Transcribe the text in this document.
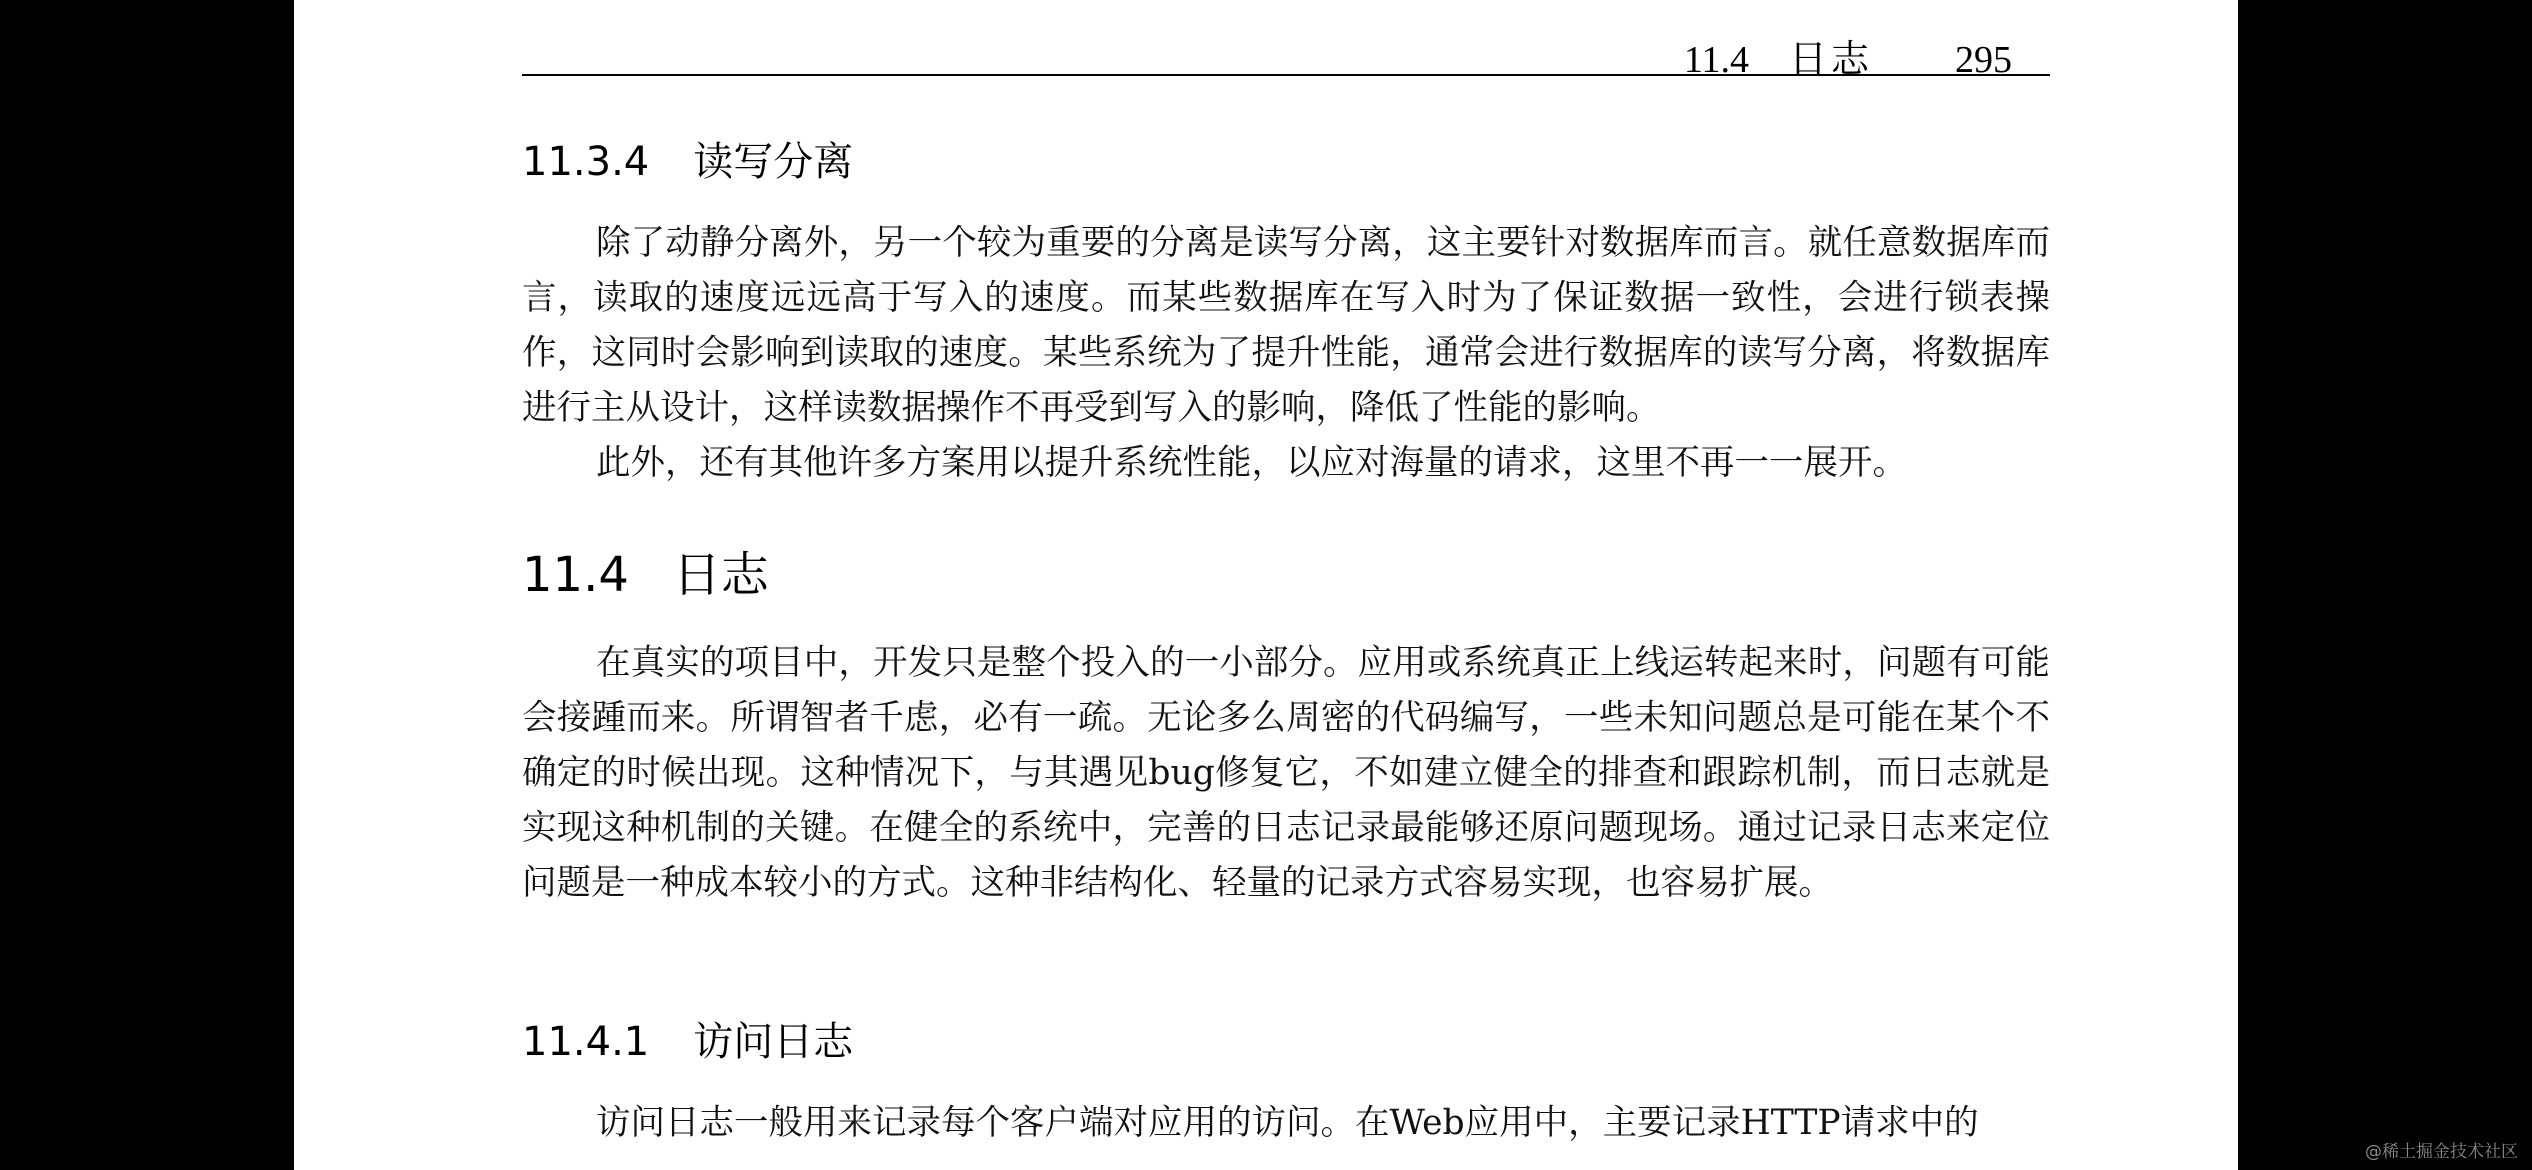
11.4 日志 295
11.3.4 读写分离

除了动静分离外，另一个较为重要的分离是读写分离，这主要针对数据库而言。就任意数据库而言，读取的速度远远高于写入的速度。而某些数据库在写入时为了保证数据一致性，会进行锁表操作，这同时会影响到读取的速度。某些系统为了提升性能，通常会进行数据库的读写分离，将数据库进行主从设计，这样读数据操作不再受到写入的影响，降低了性能的影响。

此外，还有其他许多方案用以提升系统性能，以应对海量的请求，这里不再一一展开。

11.4 日志

在真实的项目中，开发只是整个投入的一小部分。应用或系统真正上线运转起来时，问题有可能会接踵而来。所谓智者千虑，必有一疏。无论多么周密的代码编写，一些未知问题总是可能在某个不确定的时候出现。这种情况下，与其遇见bug修复它，不如建立健全的排查和跟踪机制，而日志就是实现这种机制的关键。在健全的系统中，完善的日志记录最能够还原问题现场。通过记录日志来定位问题是一种成本较小的方式。这种非结构化、轻量的记录方式容易实现，也容易扩展。

11.4.1 访问日志

访问日志一般用来记录每个客户端对应用的访问。在Web应用中，主要记录HTTP请求中的

@稀土掘金技术社区
